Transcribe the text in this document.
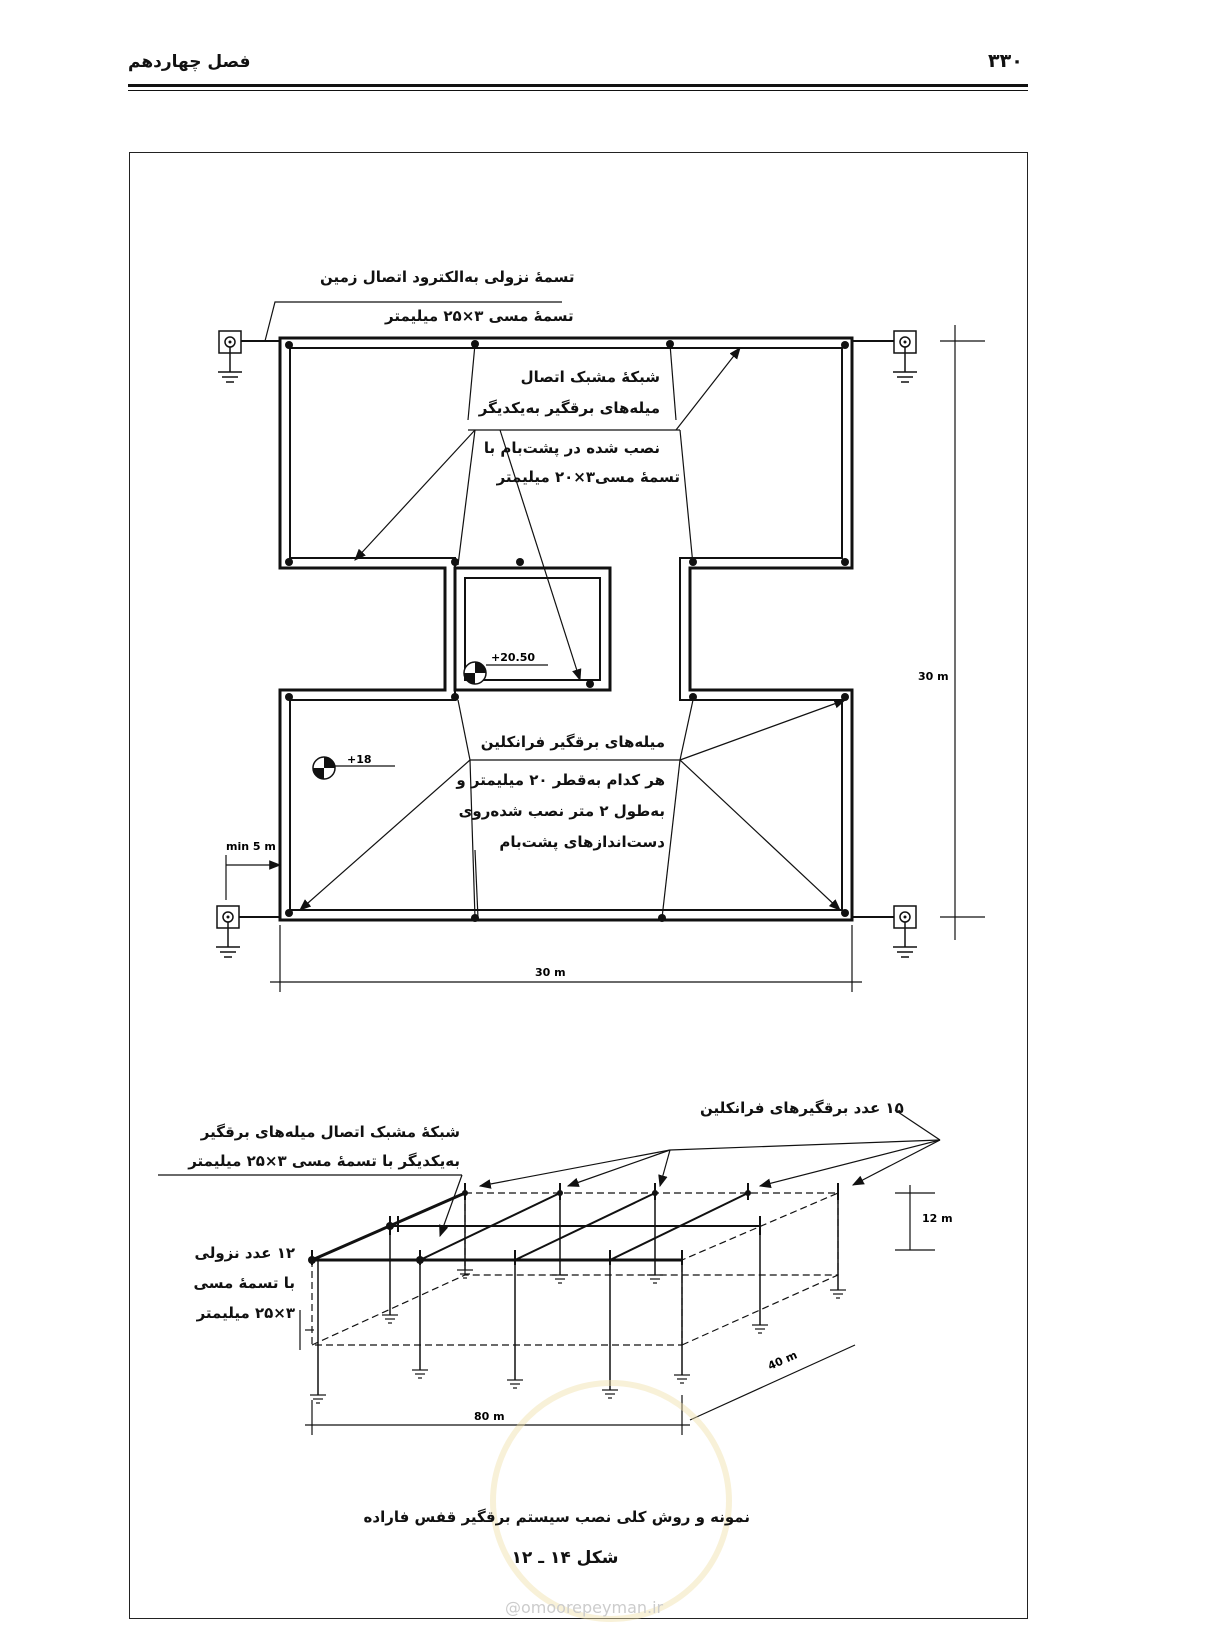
فصل چهاردهم	۳۳۰
30 m
30 m
min 5 m
+20.50
+18
12 m
80 m
40 m
تسمهٔ نزولی به‌الکترود اتصال زمین
تسمهٔ مسی ۳×۲۵ میلیمتر
شبکهٔ مشبک اتصال
میله‌های برقگیر به‌یکدیگر
نصب شده در پشت‌بام با
تسمهٔ مسی۳×۲۰ میلیمتر
میله‌های برقگیر فرانکلین
هر کدام به‌قطر ۲۰ میلیمتر و
به‌طول ۲ متر نصب شده‌روی
دست‌اندازهای پشت‌بام
۱۵ عدد برقگیرهای فرانکلین
شبکهٔ مشبک اتصال میله‌های برقگیر
به‌یکدیگر با تسمهٔ مسی ۳×۲۵ میلیمتر
۱۲ عدد نزولی
با تسمهٔ مسی
۳×۲۵ میلیمتر
نمونه و روش کلی نصب سیستم برقگیر قفس فاراده
شکل ۱۴ ـ ۱۲
@omoorepeyman.ir
